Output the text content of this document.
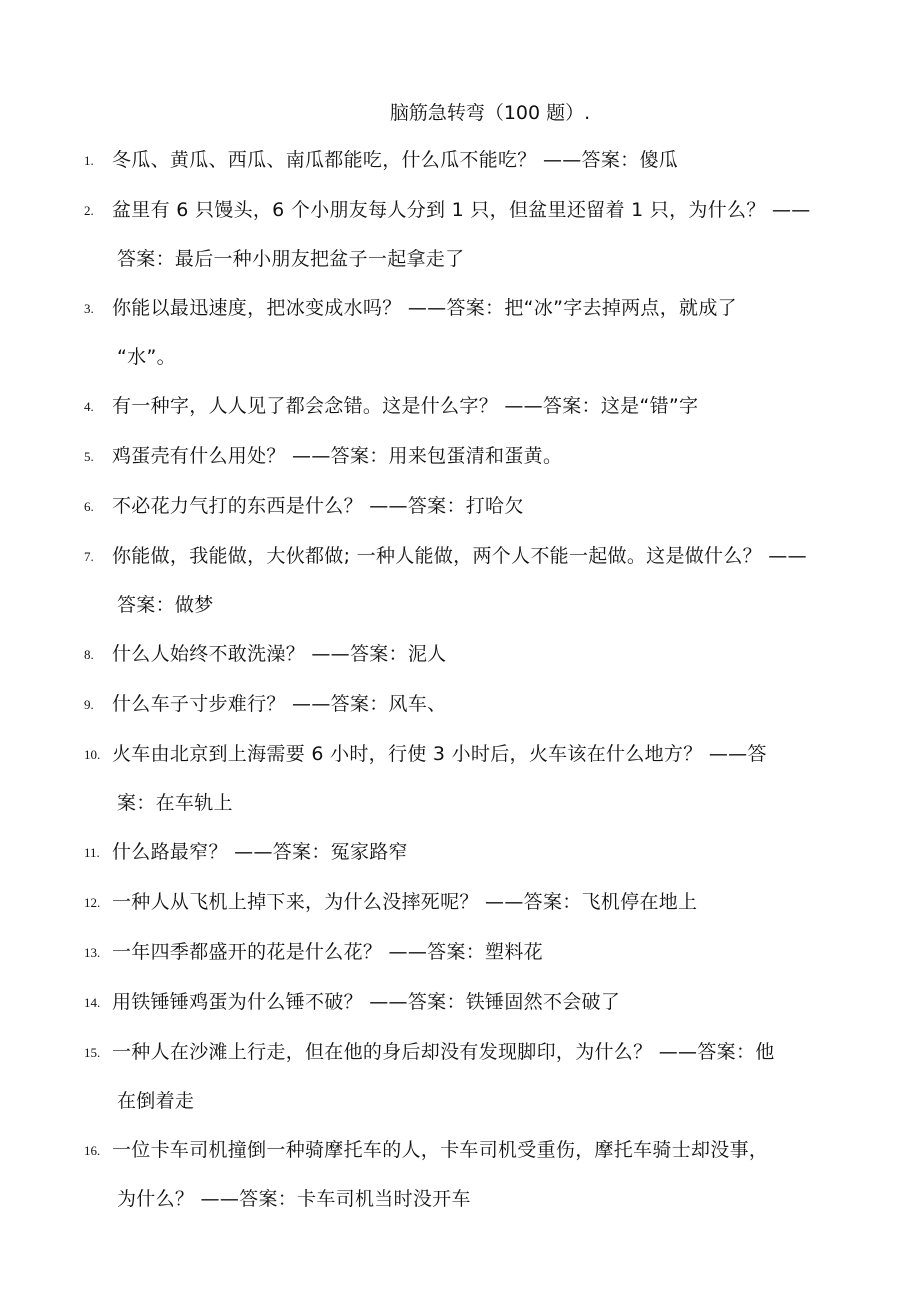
脑筋急转弯（100 题）.
1. 冬瓜、黄瓜、西瓜、南瓜都能吃，什么瓜不能吃？ ——答案：傻瓜
2. 盆里有 6 只馒头，6 个小朋友每人分到 1 只，但盆里还留着 1 只，为什么？ ——
答案：最后一种小朋友把盆子一起拿走了
3. 你能以最迅速度，把冰变成水吗？ ——答案：把“冰”字去掉两点，就成了
“水”。
4. 有一种字，人人见了都会念错。这是什么字？ ——答案：这是“错”字
5. 鸡蛋壳有什么用处？ ——答案：用来包蛋清和蛋黄。
6. 不必花力气打的东西是什么？ ——答案：打哈欠
7. 你能做，我能做，大伙都做; 一种人能做，两个人不能一起做。这是做什么？ ——
答案：做梦
8. 什么人始终不敢洗澡？ ——答案：泥人
9. 什么车子寸步难行？ ——答案：风车、
10. 火车由北京到上海需要 6 小时，行使 3 小时后，火车该在什么地方？ ——答
案：在车轨上
11. 什么路最窄？ ——答案：冤家路窄
12. 一种人从飞机上掉下来，为什么没摔死呢？ ——答案：飞机停在地上
13. 一年四季都盛开的花是什么花？ ——答案：塑料花
14. 用铁锤锤鸡蛋为什么锤不破？ ——答案：铁锤固然不会破了
15. 一种人在沙滩上行走，但在他的身后却没有发现脚印，为什么？ ——答案：他
在倒着走
16. 一位卡车司机撞倒一种骑摩托车的人，卡车司机受重伤，摩托车骑士却没事，
为什么？ ——答案：卡车司机当时没开车
